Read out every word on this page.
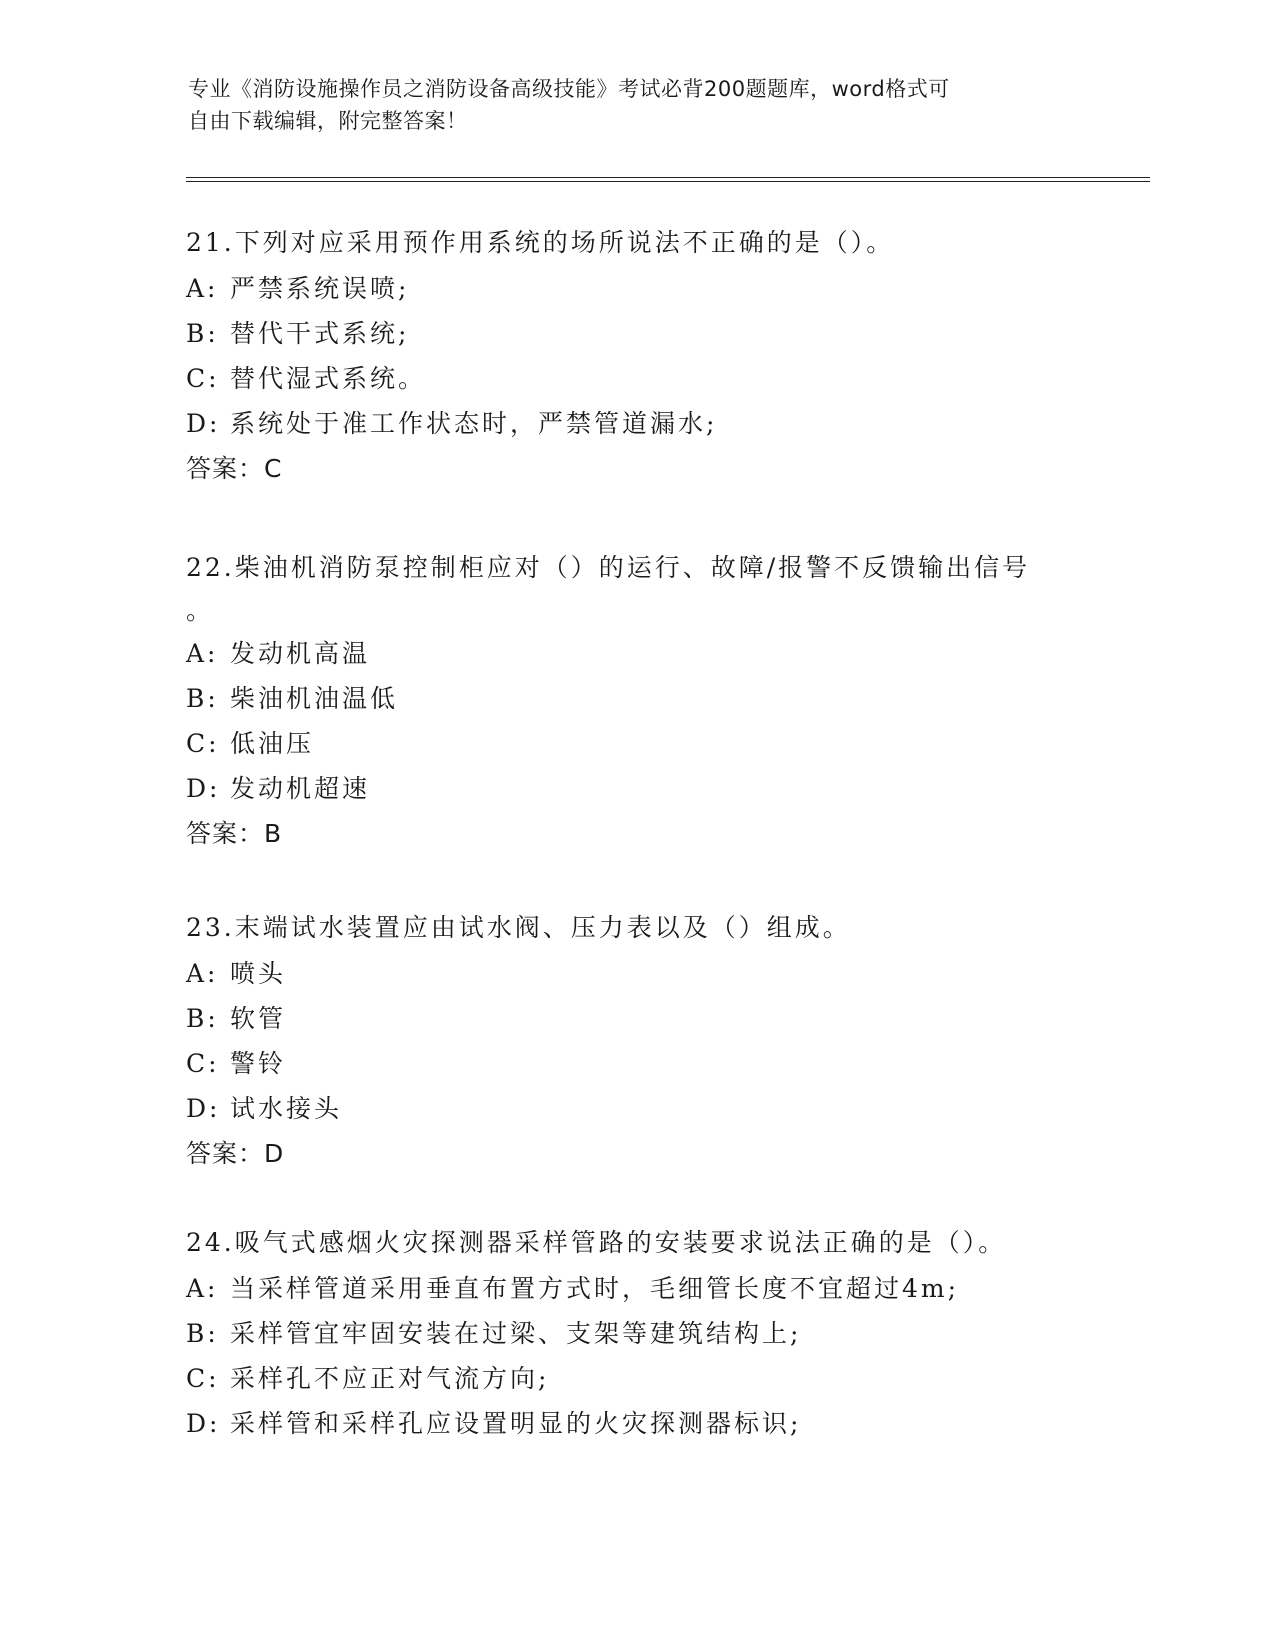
专业《消防设施操作员之消防设备高级技能》考试必背200题题库，word格式可
自由下载编辑，附完整答案！
21.下列对应采用预作用系统的场所说法不正确的是（）。
A: 严禁系统误喷;
B: 替代干式系统;
C: 替代湿式系统。
D: 系统处于准工作状态时，严禁管道漏水;
答案：C
22.柴油机消防泵控制柜应对（）的运行、故障/报警不反馈输出信号
。
A: 发动机高温
B: 柴油机油温低
C: 低油压
D: 发动机超速
答案：B
23.末端试水装置应由试水阀、压力表以及（）组成。
A: 喷头
B: 软管
C: 警铃
D: 试水接头
答案：D
24.吸气式感烟火灾探测器采样管路的安装要求说法正确的是（）。
A: 当采样管道采用垂直布置方式时，毛细管长度不宜超过4m;
B: 采样管宜牢固安装在过梁、支架等建筑结构上;
C: 采样孔不应正对气流方向;
D: 采样管和采样孔应设置明显的火灾探测器标识;
